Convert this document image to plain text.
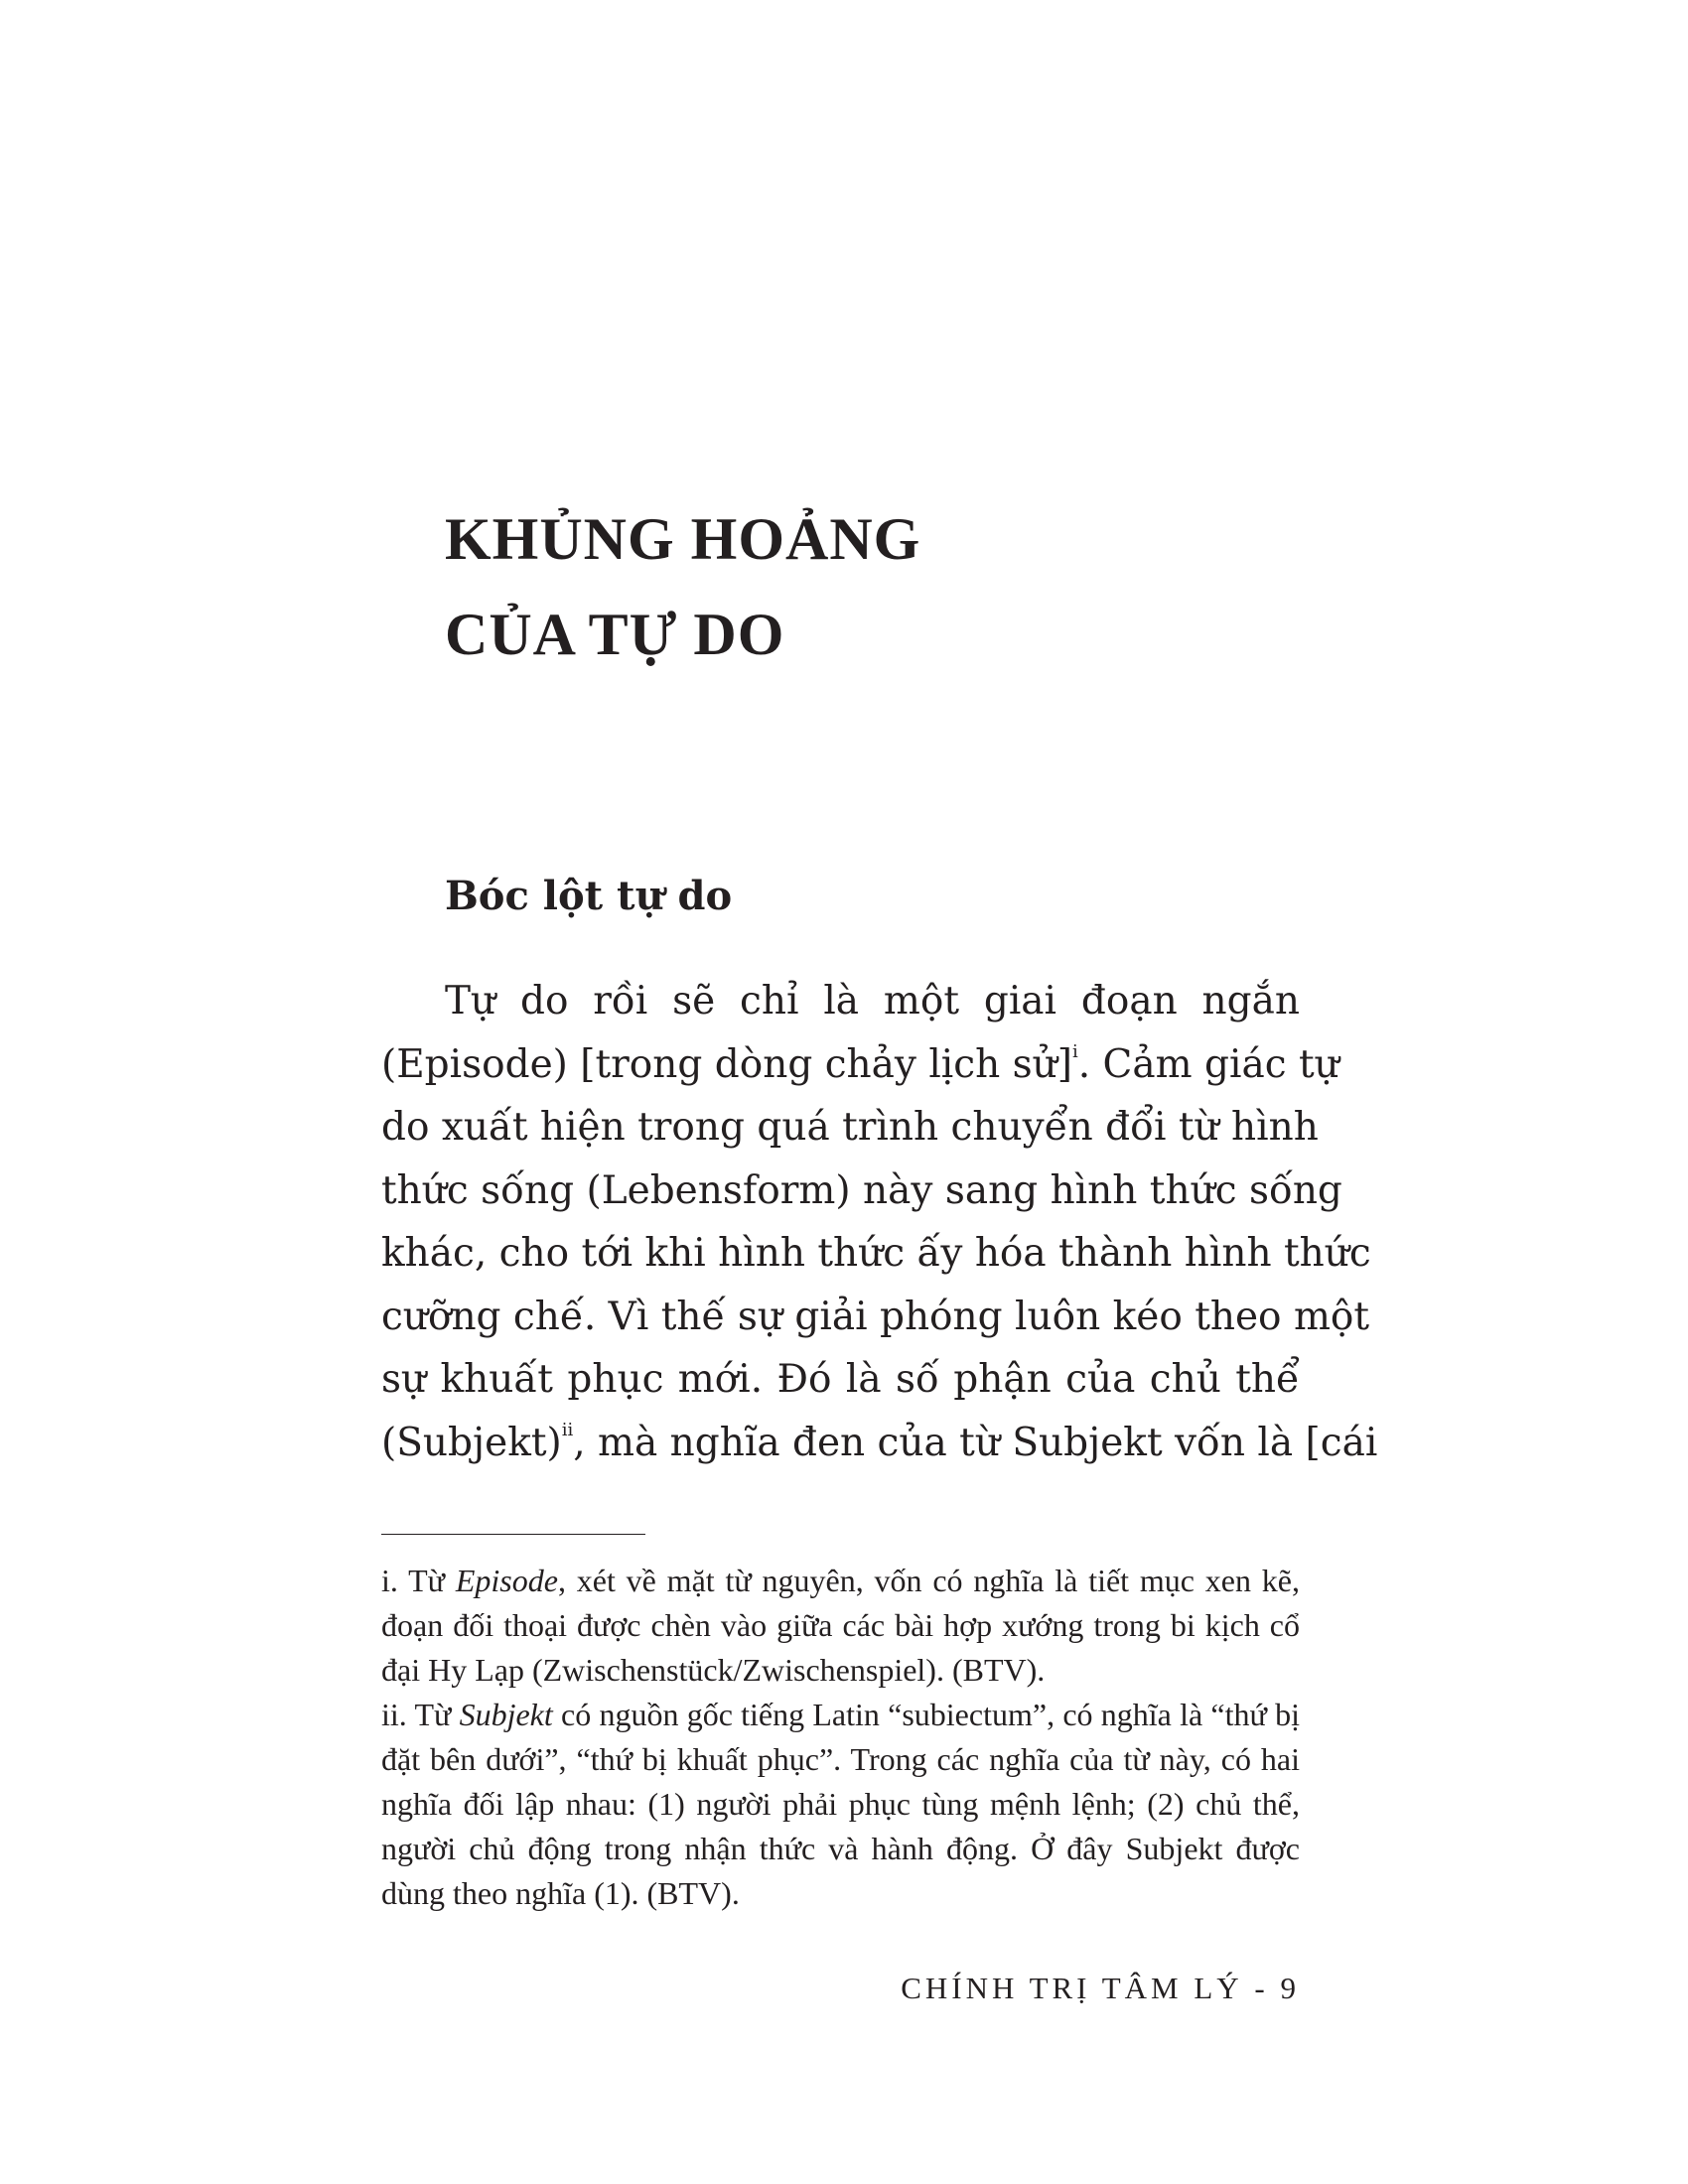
KHỦNG HOẢNG
CỦA TỰ DO
Bóc lột tự do
Tự do rồi sẽ chỉ là một giai đoạn ngắn
(Episode) [trong dòng chảy lịch sử]$^i$. Cảm giác tự
do xuất hiện trong quá trình chuyển đổi từ hình
thức sống (Lebensform) này sang hình thức sống
khác, cho tới khi hình thức ấy hóa thành hình thức
cưỡng chế. Vì thế sự giải phóng luôn kéo theo một
sự khuất phục mới. Đó là số phận của chủ thể
(Subjekt)$^{ii}$, mà nghĩa đen của từ Subjekt vốn là [cái
i. Từ Episode, xét về mặt từ nguyên, vốn có nghĩa là tiết mục xen kẽ,
đoạn đối thoại được chèn vào giữa các bài hợp xướng trong bi kịch cổ
đại Hy Lạp (Zwischenstück/Zwischenspiel). (BTV).
ii. Từ Subjekt có nguồn gốc tiếng Latin “subiectum”, có nghĩa là “thứ bị
đặt bên dưới”, “thứ bị khuất phục”. Trong các nghĩa của từ này, có hai
nghĩa đối lập nhau: (1) người phải phục tùng mệnh lệnh; (2) chủ thể,
người chủ động trong nhận thức và hành động. Ở đây Subjekt được
dùng theo nghĩa (1). (BTV).
CHÍNH TRỊ TÂM LÝ - 9
